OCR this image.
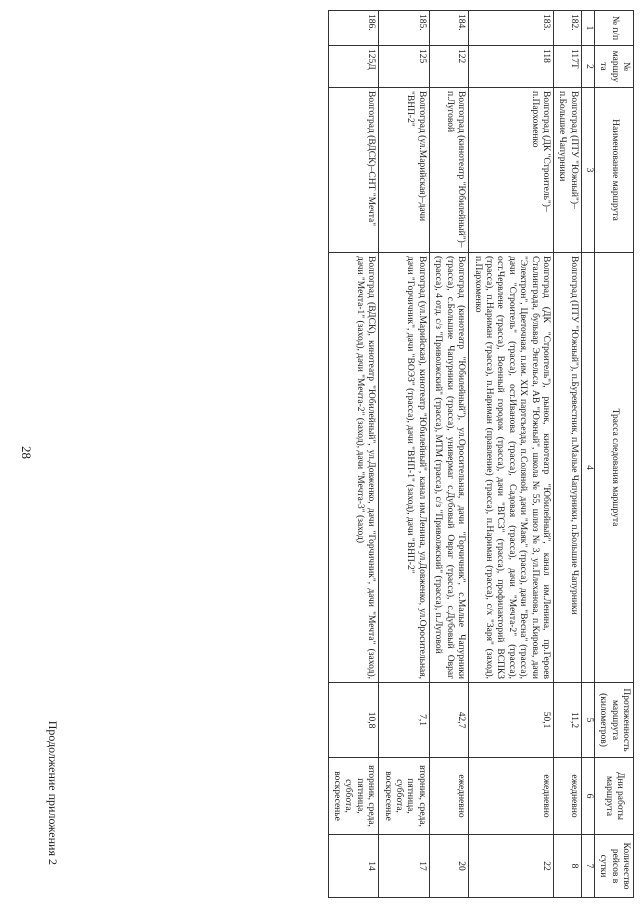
Продолжение приложения 2
28
№ п/п	№ маршрута	Наименование маршрута	Трасса следования маршрута	Протяженность маршрута (километров)	Дни работы маршрута	Количество рейсов в сутки
1	2	3	4	5	6	7
182.	117Т	Волгоград (ПТУ "Южный")–п.Большие Чапурники	Волгоград (ПТУ "Южный"), п.Буревестник, п.Малые Чапурники, п.Большие Чапурники	11,2	ежедневно	8
183.	118	Волгоград (ДК "Строитель")–п.Пархоменко	Волгоград (ДК "Строитель"), рынок, кинотеатр "Юбилейный", канал им.Ленина, пр.Героев Сталинграда, бульвар Энгельса, АВ "Южный", школа № 55, шлюз № 3, ул.Плеханова, п.Кирова, дачи "Электрон", Цветочная, п.им. XIX партсъезда, п.Соляной, дачи "Маяк" (трасса), дачи "Весна" (трасса), дачи "Строитель" (трасса), ост.Иванова (трасса), Садовая (трасса), дачи "Мечта-2" (трасса), ост.Червлене (трасса), Военный городок (трасса), дачи "ВГСЗ" (трасса), профилакторий ВСПКЗ (трасса), п.Нариман (трасса), п.Нариман (правление) (трасса), п.Нариман (трасса), с/х "Заря" (заход), п.Пархоменко	50,1	ежедневно	22
184.	122	Волгоград (кинотеатр "Юбилейный")–п.Луговой	Волгоград (кинотеатр "Юбилейный"), ул.Оросительная, дачи "Горчичник", с.Малые Чапурники (трасса), с.Большие Чапурники (трасса), универмаг с.Дубовый Овраг (трасса), с.Дубовый Овраг (трасса), 4 отд. с/з "Приволжский" (трасса), МТМ (трасса), с/з "Приволжский" (трасса), п.Луговой	42,7	ежедневно	20
185.	125	Волгоград (ул.Марийская)–дачи "ВНП-2"	Волгоград (ул.Марийская), кинотеатр "Юбилейный", канал им.Ленина, ул.Довженко, ул.Оросительная, дачи "Горчичник", дачи "ВОЭЗ" (трасса), дачи "ВНП-1" (заход), дачи "ВНП-2"	7,1	вторник, среда, пятница, суббота, воскресенье	17
186.	125Д	Волгоград (ВДСК)–СНТ "Мечта"	Волгоград (ВДСК), кинотеатр "Юбилейный", ул.Довженко, дачи "Горчичник", дачи "Мечта" (заход), дачи "Мечта-1" (заход), дачи "Мечта-2" (заход), дачи "Мечта-3" (заход)	10,8	вторник, среда, пятница, суббота, воскресенье	14
